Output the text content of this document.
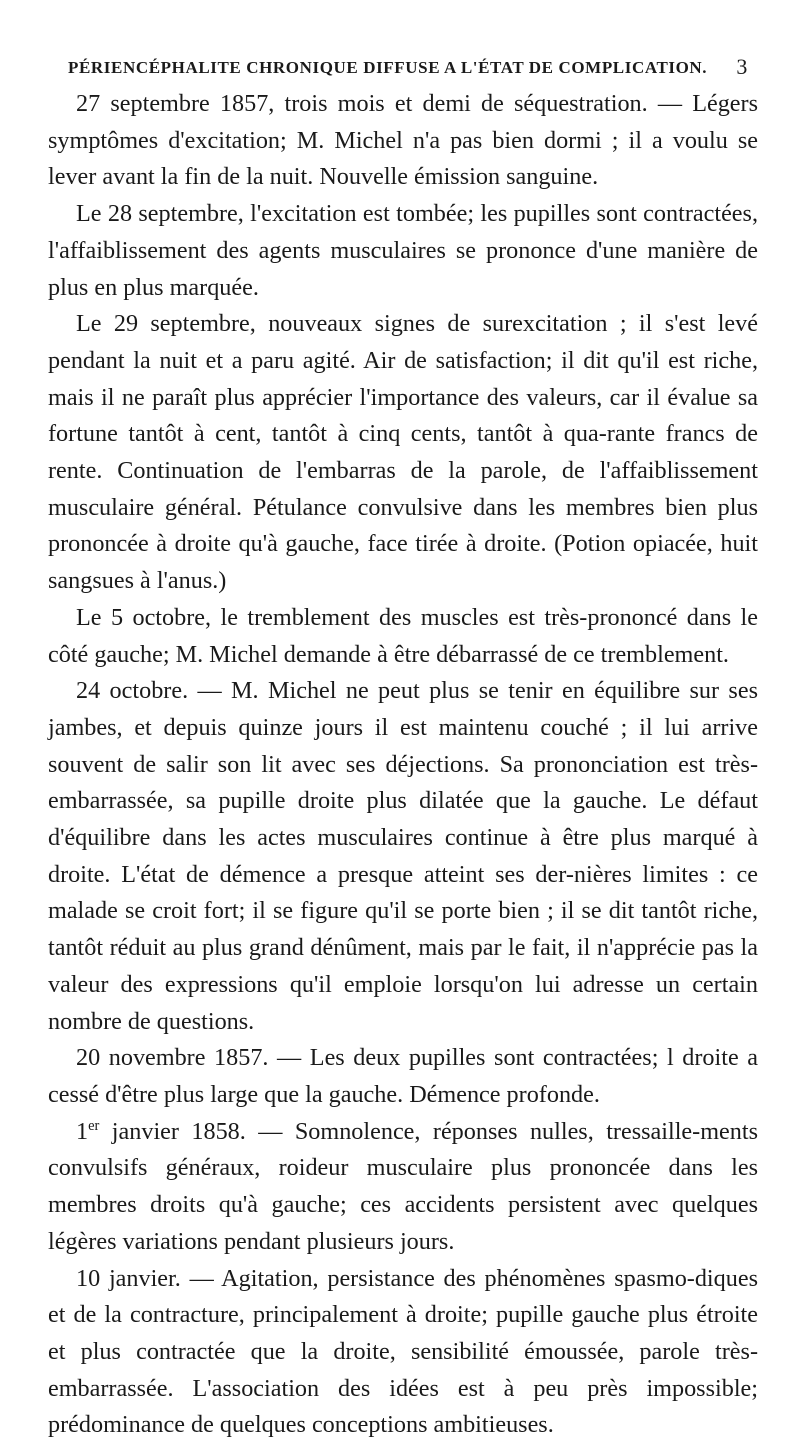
PÉRIENCÉPHALITE CHRONIQUE DIFFUSE A L'ÉTAT DE COMPLICATION. 3

27 septembre 1857, trois mois et demi de séquestration. — Légers symptômes d'excitation; M. Michel n'a pas bien dormi ; il a voulu se lever avant la fin de la nuit. Nouvelle émission sanguine.

Le 28 septembre, l'excitation est tombée; les pupilles sont contractées, l'affaiblissement des agents musculaires se prononce d'une manière de plus en plus marquée.

Le 29 septembre, nouveaux signes de surexcitation ; il s'est levé pendant la nuit et a paru agité. Air de satisfaction; il dit qu'il est riche, mais il ne paraît plus apprécier l'importance des valeurs, car il évalue sa fortune tantôt à cent, tantôt à cinq cents, tantôt à qua-rante francs de rente. Continuation de l'embarras de la parole, de l'affaiblissement musculaire général. Pétulance convulsive dans les membres bien plus prononcée à droite qu'à gauche, face tirée à droite. (Potion opiacée, huit sangsues à l'anus.)

Le 5 octobre, le tremblement des muscles est très-prononcé dans le côté gauche; M. Michel demande à être débarrassé de ce tremblement.

24 octobre. — M. Michel ne peut plus se tenir en équilibre sur ses jambes, et depuis quinze jours il est maintenu couché ; il lui arrive souvent de salir son lit avec ses déjections. Sa prononciation est très-embarrassée, sa pupille droite plus dilatée que la gauche. Le défaut d'équilibre dans les actes musculaires continue à être plus marqué à droite. L'état de démence a presque atteint ses der-nières limites : ce malade se croit fort; il se figure qu'il se porte bien ; il se dit tantôt riche, tantôt réduit au plus grand dénûment, mais par le fait, il n'apprécie pas la valeur des expressions qu'il emploie lorsqu'on lui adresse un certain nombre de questions.

20 novembre 1857. — Les deux pupilles sont contractées; l droite a cessé d'être plus large que la gauche. Démence profonde.

1er janvier 1858. — Somnolence, réponses nulles, tressaille-ments convulsifs généraux, roideur musculaire plus prononcée dans les membres droits qu'à gauche; ces accidents persistent avec quelques légères variations pendant plusieurs jours.

10 janvier. — Agitation, persistance des phénomènes spasmo-diques et de la contracture, principalement à droite; pupille gauche plus étroite et plus contractée que la droite, sensibilité émoussée, parole très-embarrassée. L'association des idées est à peu près impossible; prédominance de quelques conceptions ambitieuses.
